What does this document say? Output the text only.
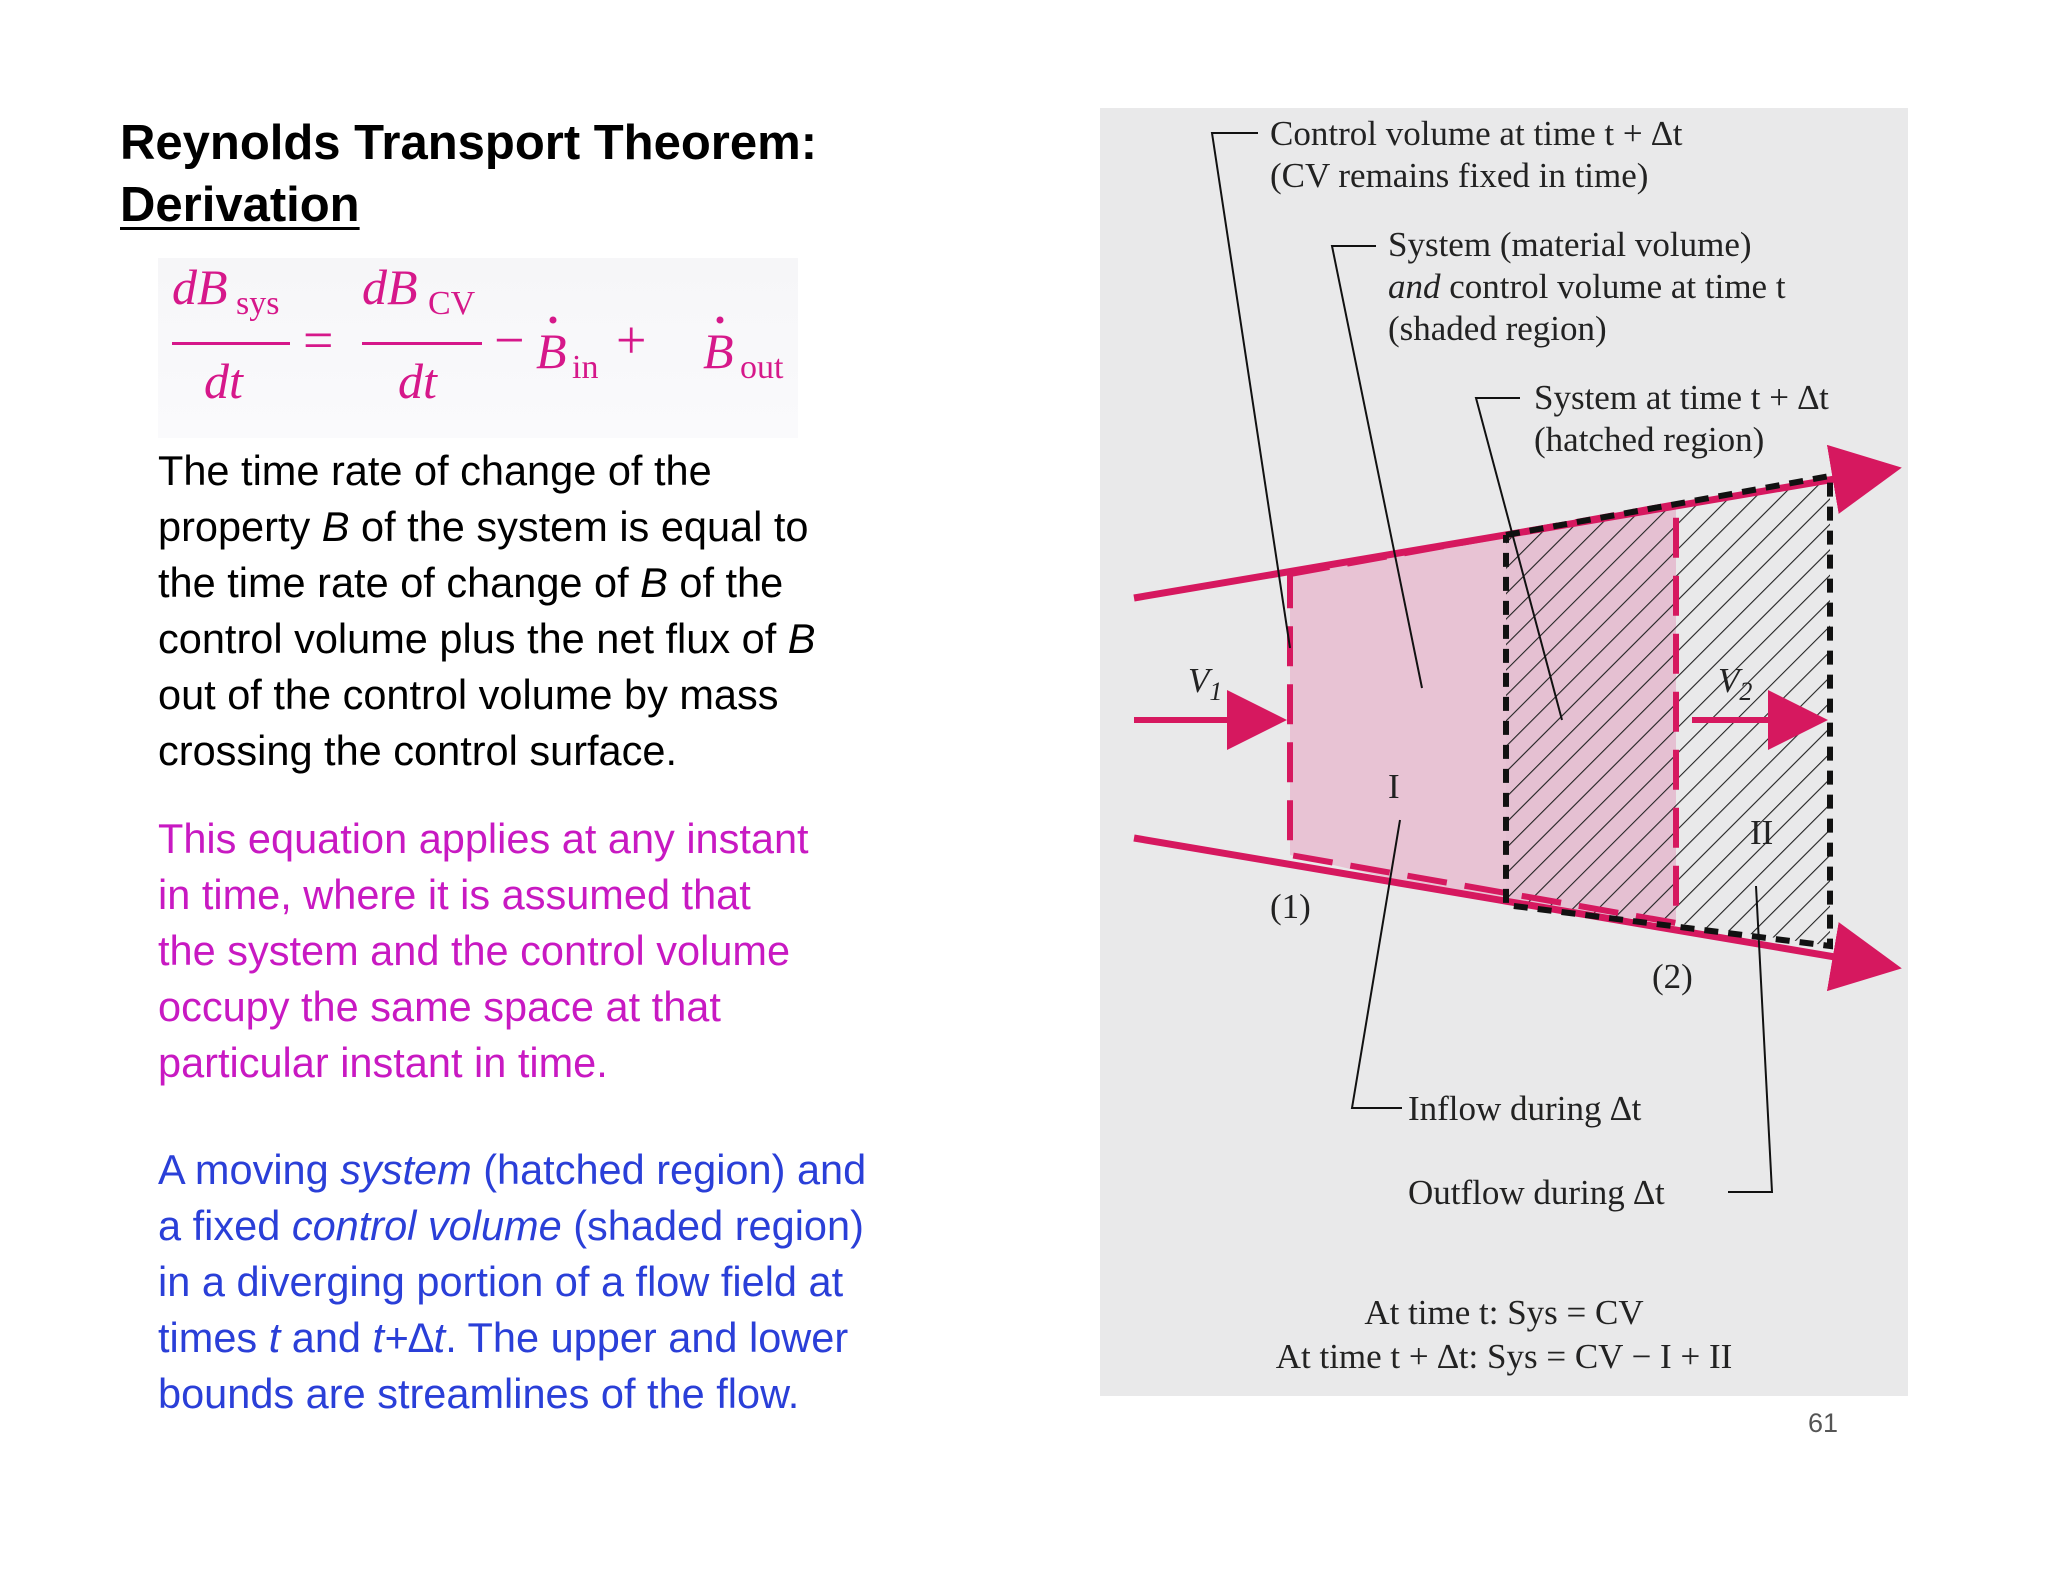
Reynolds Transport Theorem:
Derivation
dB sys
dt
=
dB CV
dt
− B in + B out
The time rate of change of the
property B of the system is equal to
the time rate of change of B of the
control volume plus the net flux of B
out of the control volume by mass
crossing the control surface.
This equation applies at any instant
in time, where it is assumed that
the system and the control volume
occupy the same space at that
particular instant in time.
A moving system (hatched region) and
a fixed control volume (shaded region)
in a diverging portion of a flow field at
times t and t+∆t. The upper and lower
bounds are streamlines of the flow.
Control volume at time t + ∆t
(CV remains fixed in time)
System (material volume)
and control volume at time t
(shaded region)
System at time t + ∆t
(hatched region)
$V_1$	$V_2$
I
II
(1)
(2)
Inflow during ∆t
Outflow during ∆t
At time t: Sys = CV
At time t + ∆t: Sys = CV − I + II
61
